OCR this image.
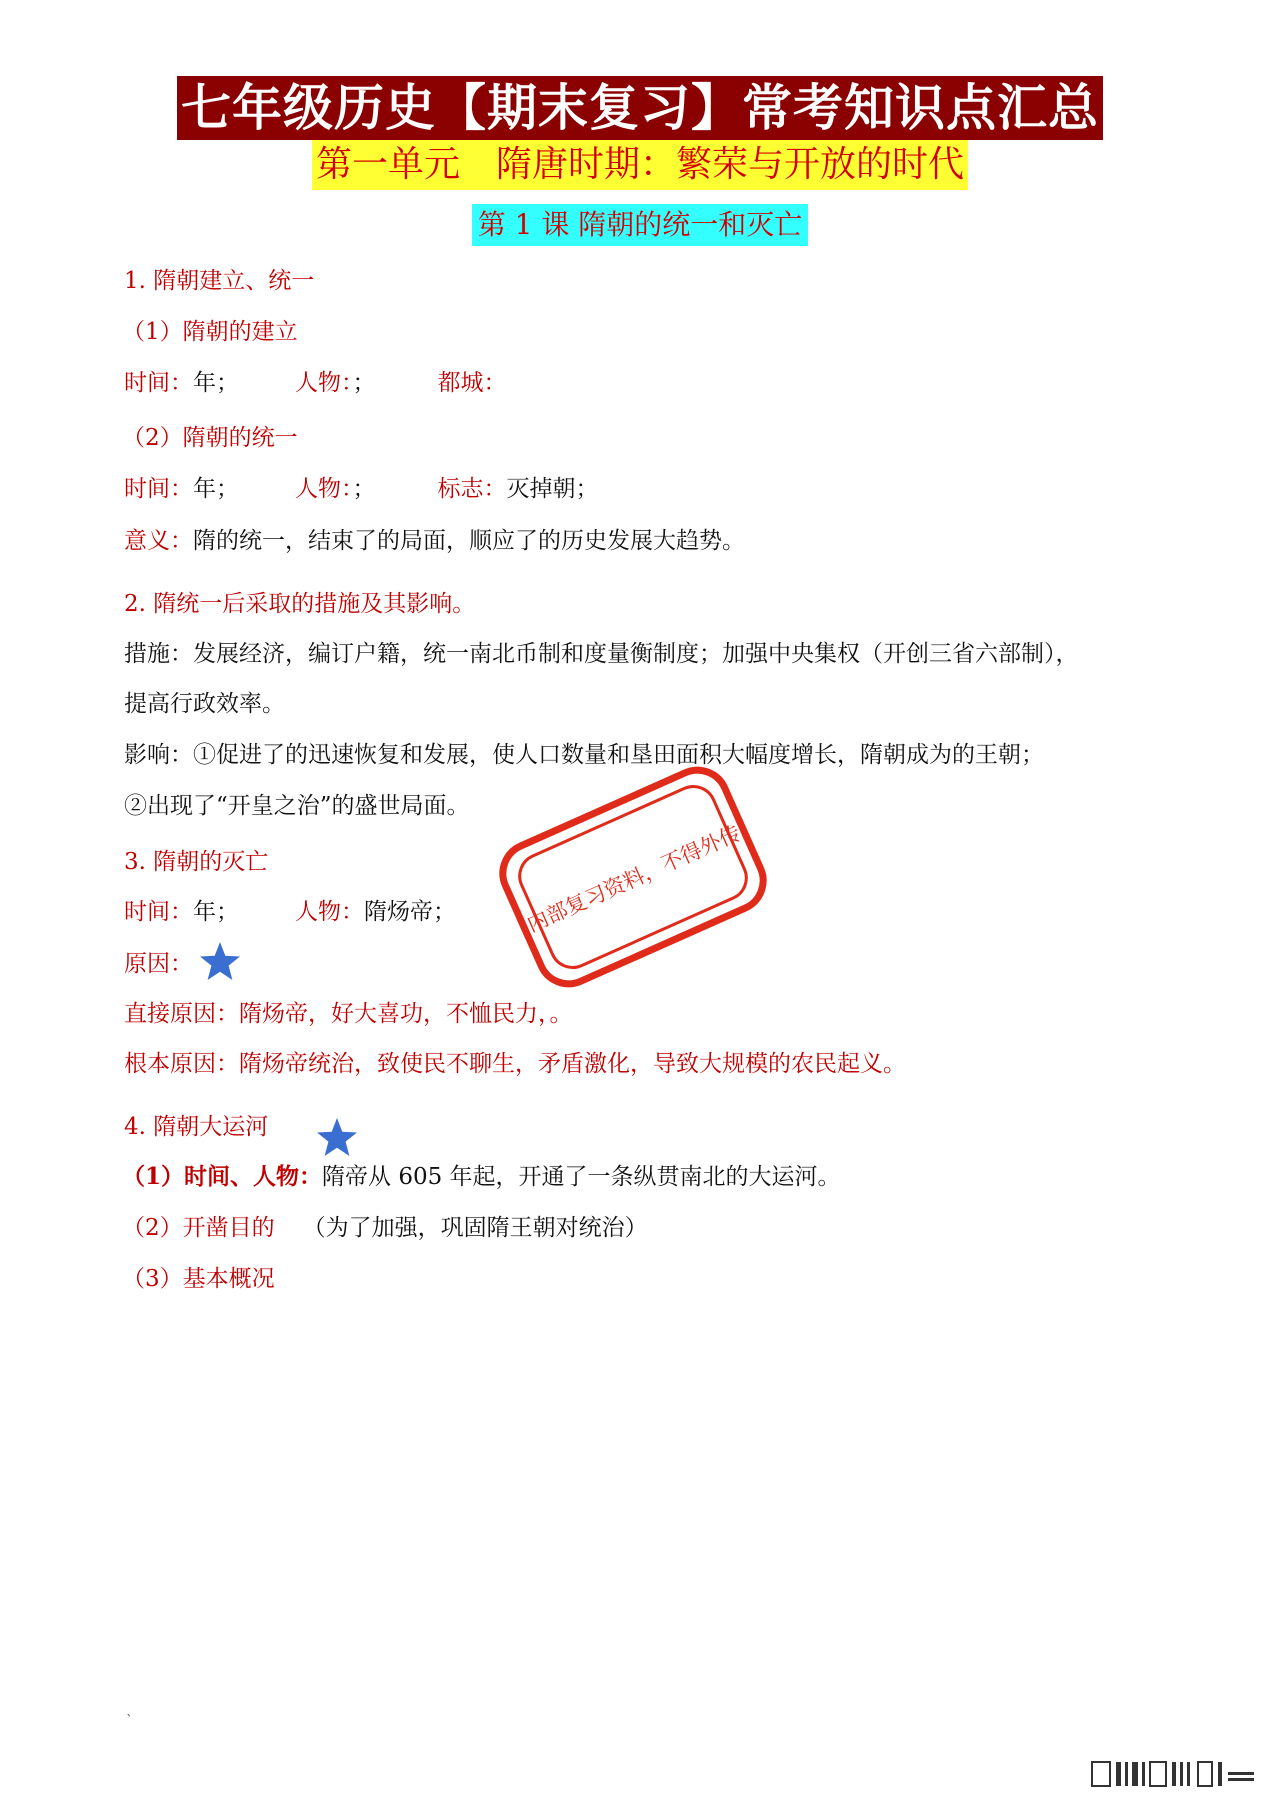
七年级历史【期末复习】常考知识点汇总
第一单元　隋唐时期：繁荣与开放的时代
第 1 课 隋朝的统一和灭亡
1. 隋朝建立、统一
（1）隋朝的建立
时间：年； 人物：；	都城：
（2）隋朝的统一
时间：年； 人物：；	标志：灭掉朝；
意义：隋的统一，结束了的局面，顺应了的历史发展大趋势。
2. 隋统一后采取的措施及其影响。
措施：发展经济，编订户籍，统一南北币制和度量衡制度；加强中央集权（开创三省六部制），
提高行政效率。
影响：①促进了的迅速恢复和发展，使人口数量和垦田面积大幅度增长，隋朝成为的王朝；
②出现了“开皇之治”的盛世局面。
3. 隋朝的灭亡
时间：年； 人物：隋炀帝；
原因：
直接原因：隋炀帝，好大喜功，不恤民力，。
根本原因：隋炀帝统治，致使民不聊生，矛盾激化，导致大规模的农民起义。
4. 隋朝大运河
（1）时间、人物：隋帝从 605 年起，开通了一条纵贯南北的大运河。
（2）开凿目的 （为了加强，巩固隋王朝对统治）
（3）基本概况
【内部复习资料，不得外传】
`
